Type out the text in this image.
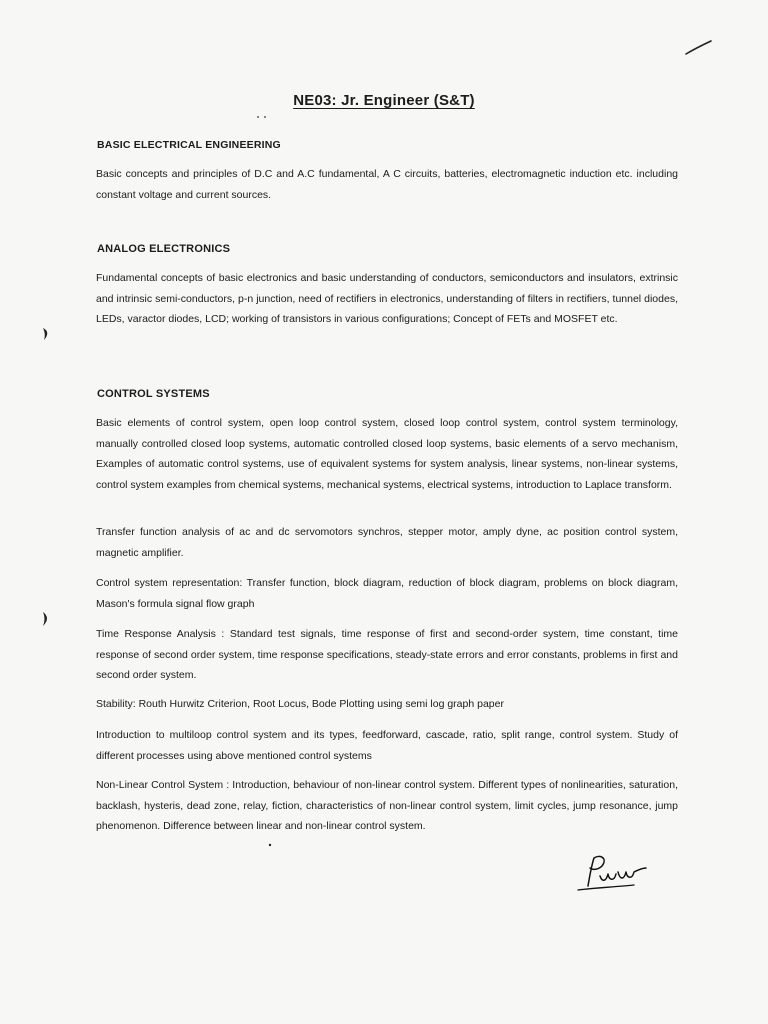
NE03: Jr. Engineer (S&T)
BASIC ELECTRICAL ENGINEERING
Basic concepts and principles of D.C and A.C fundamental, A C circuits, batteries, electromagnetic induction etc. including constant voltage and current sources.
ANALOG ELECTRONICS
Fundamental concepts of basic electronics and basic understanding of conductors, semiconductors and insulators, extrinsic and intrinsic semi-conductors, p-n junction, need of rectifiers in electronics, understanding of filters in rectifiers, tunnel diodes, LEDs, varactor diodes, LCD; working of transistors in various configurations; Concept of FETs and MOSFET etc.
CONTROL SYSTEMS
Basic elements of control system, open loop control system, closed loop control system, control system terminology, manually controlled closed loop systems, automatic controlled closed loop systems, basic elements of a servo mechanism, Examples of automatic control systems, use of equivalent systems for system analysis, linear systems, non-linear systems, control system examples from chemical systems, mechanical systems, electrical systems, introduction to Laplace transform.
Transfer function analysis of ac and dc servomotors synchros, stepper motor, amply dyne, ac position control system, magnetic amplifier.
Control system representation: Transfer function, block diagram, reduction of block diagram, problems on block diagram, Mason's formula signal flow graph
Time Response Analysis : Standard test signals, time response of first and second-order system, time constant, time response of second order system, time response specifications, steady-state errors and error constants, problems in first and second order system.
Stability: Routh Hurwitz Criterion, Root Locus, Bode Plotting using semi log graph paper
Introduction to multiloop control system and its types, feedforward, cascade, ratio, split range, control system. Study of different processes using above mentioned control systems
Non-Linear Control System : Introduction, behaviour of non-linear control system. Different types of nonlinearities, saturation, backlash, hysteris, dead zone, relay, fiction, characteristics of non-linear control system, limit cycles, jump resonance, jump phenomenon. Difference between linear and non-linear control system.
